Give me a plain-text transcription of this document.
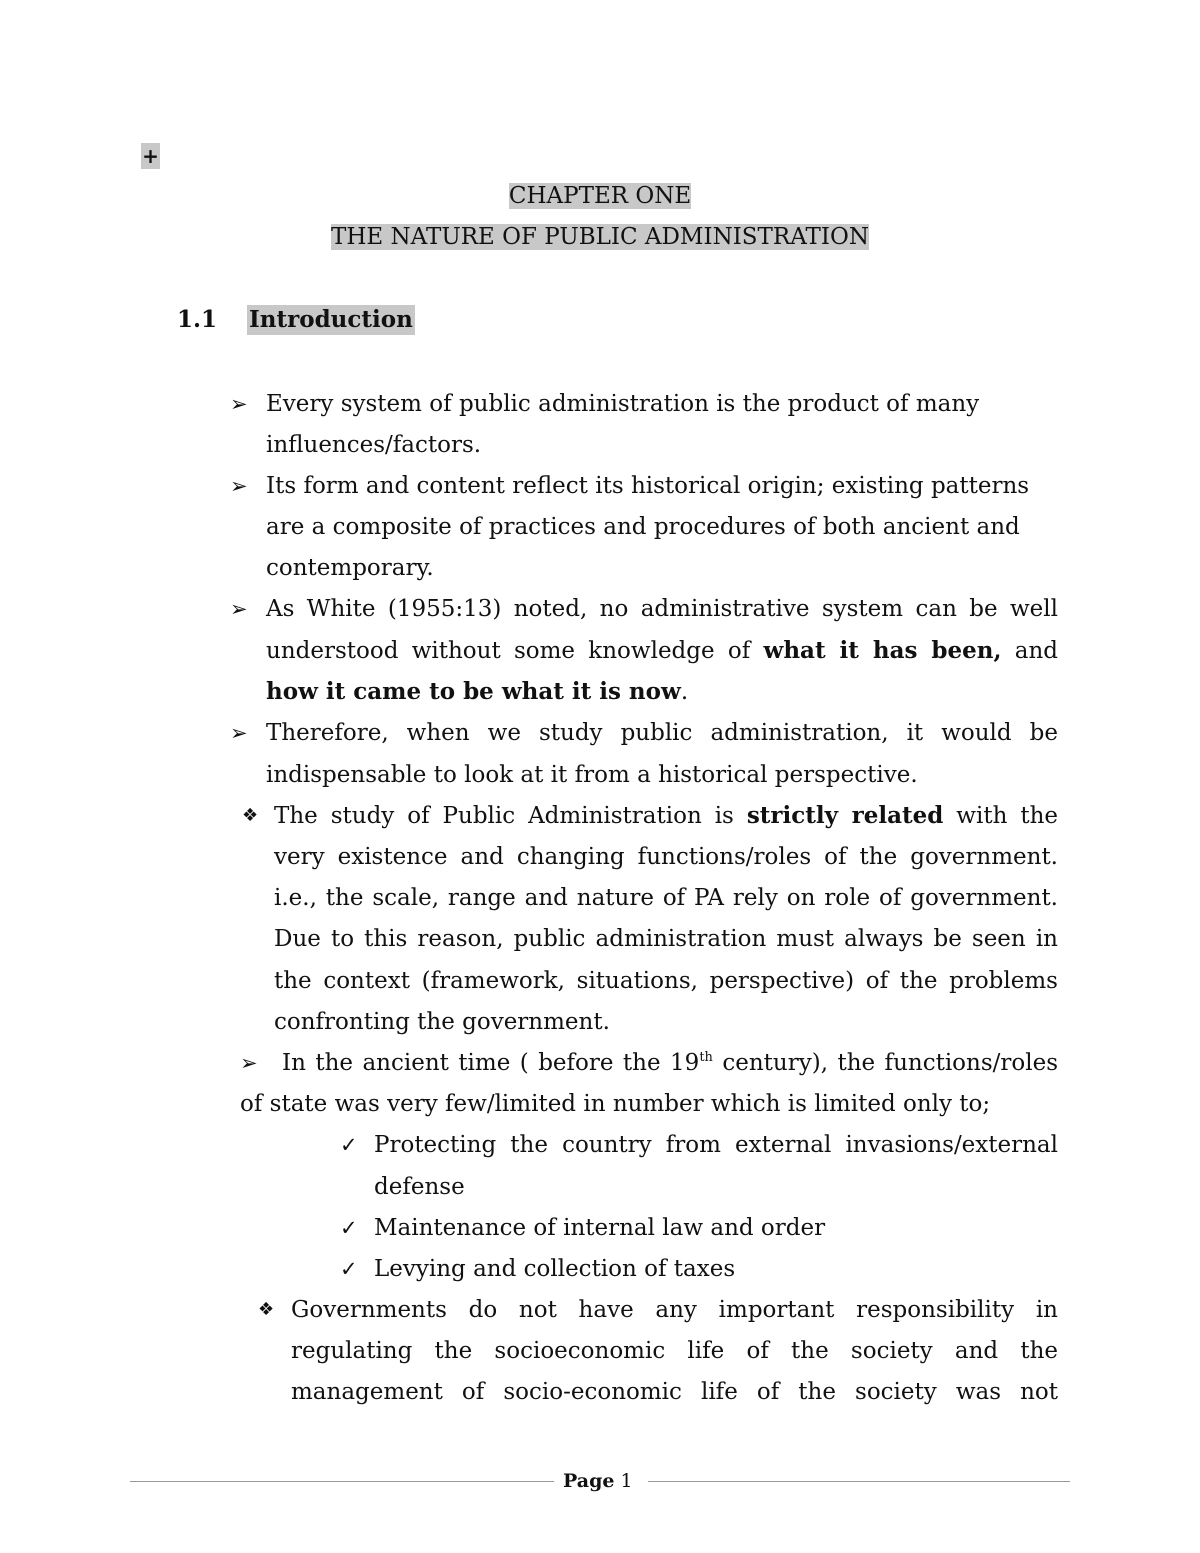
+
CHAPTER ONE
THE NATURE OF PUBLIC ADMINISTRATION
1.1 Introduction
➢ Every system of public administration is the product of many
influences/factors.
➢ Its form and content reflect its historical origin; existing patterns
are a composite of practices and procedures of both ancient and
contemporary.
➢ As White (1955:13) noted, no administrative system can be well
understood without some knowledge of what it has been, and
how it came to be what it is now.
➢ Therefore, when we study public administration, it would be
indispensable to look at it from a historical perspective.
❖ The study of Public Administration is strictly related with the
very existence and changing functions/roles of the government.
i.e., the scale, range and nature of PA rely on role of government.
Due to this reason, public administration must always be seen in
the context (framework, situations, perspective) of the problems
confronting the government.
➢ In the ancient time ( before the 19th century), the functions/roles
of state was very few/limited in number which is limited only to;
✓ Protecting the country from external invasions/external
defense
✓ Maintenance of internal law and order
✓ Levying and collection of taxes
❖ Governments do not have any important responsibility in
regulating the socioeconomic life of the society and the
management of socio-economic life of the society was not
Page 1
